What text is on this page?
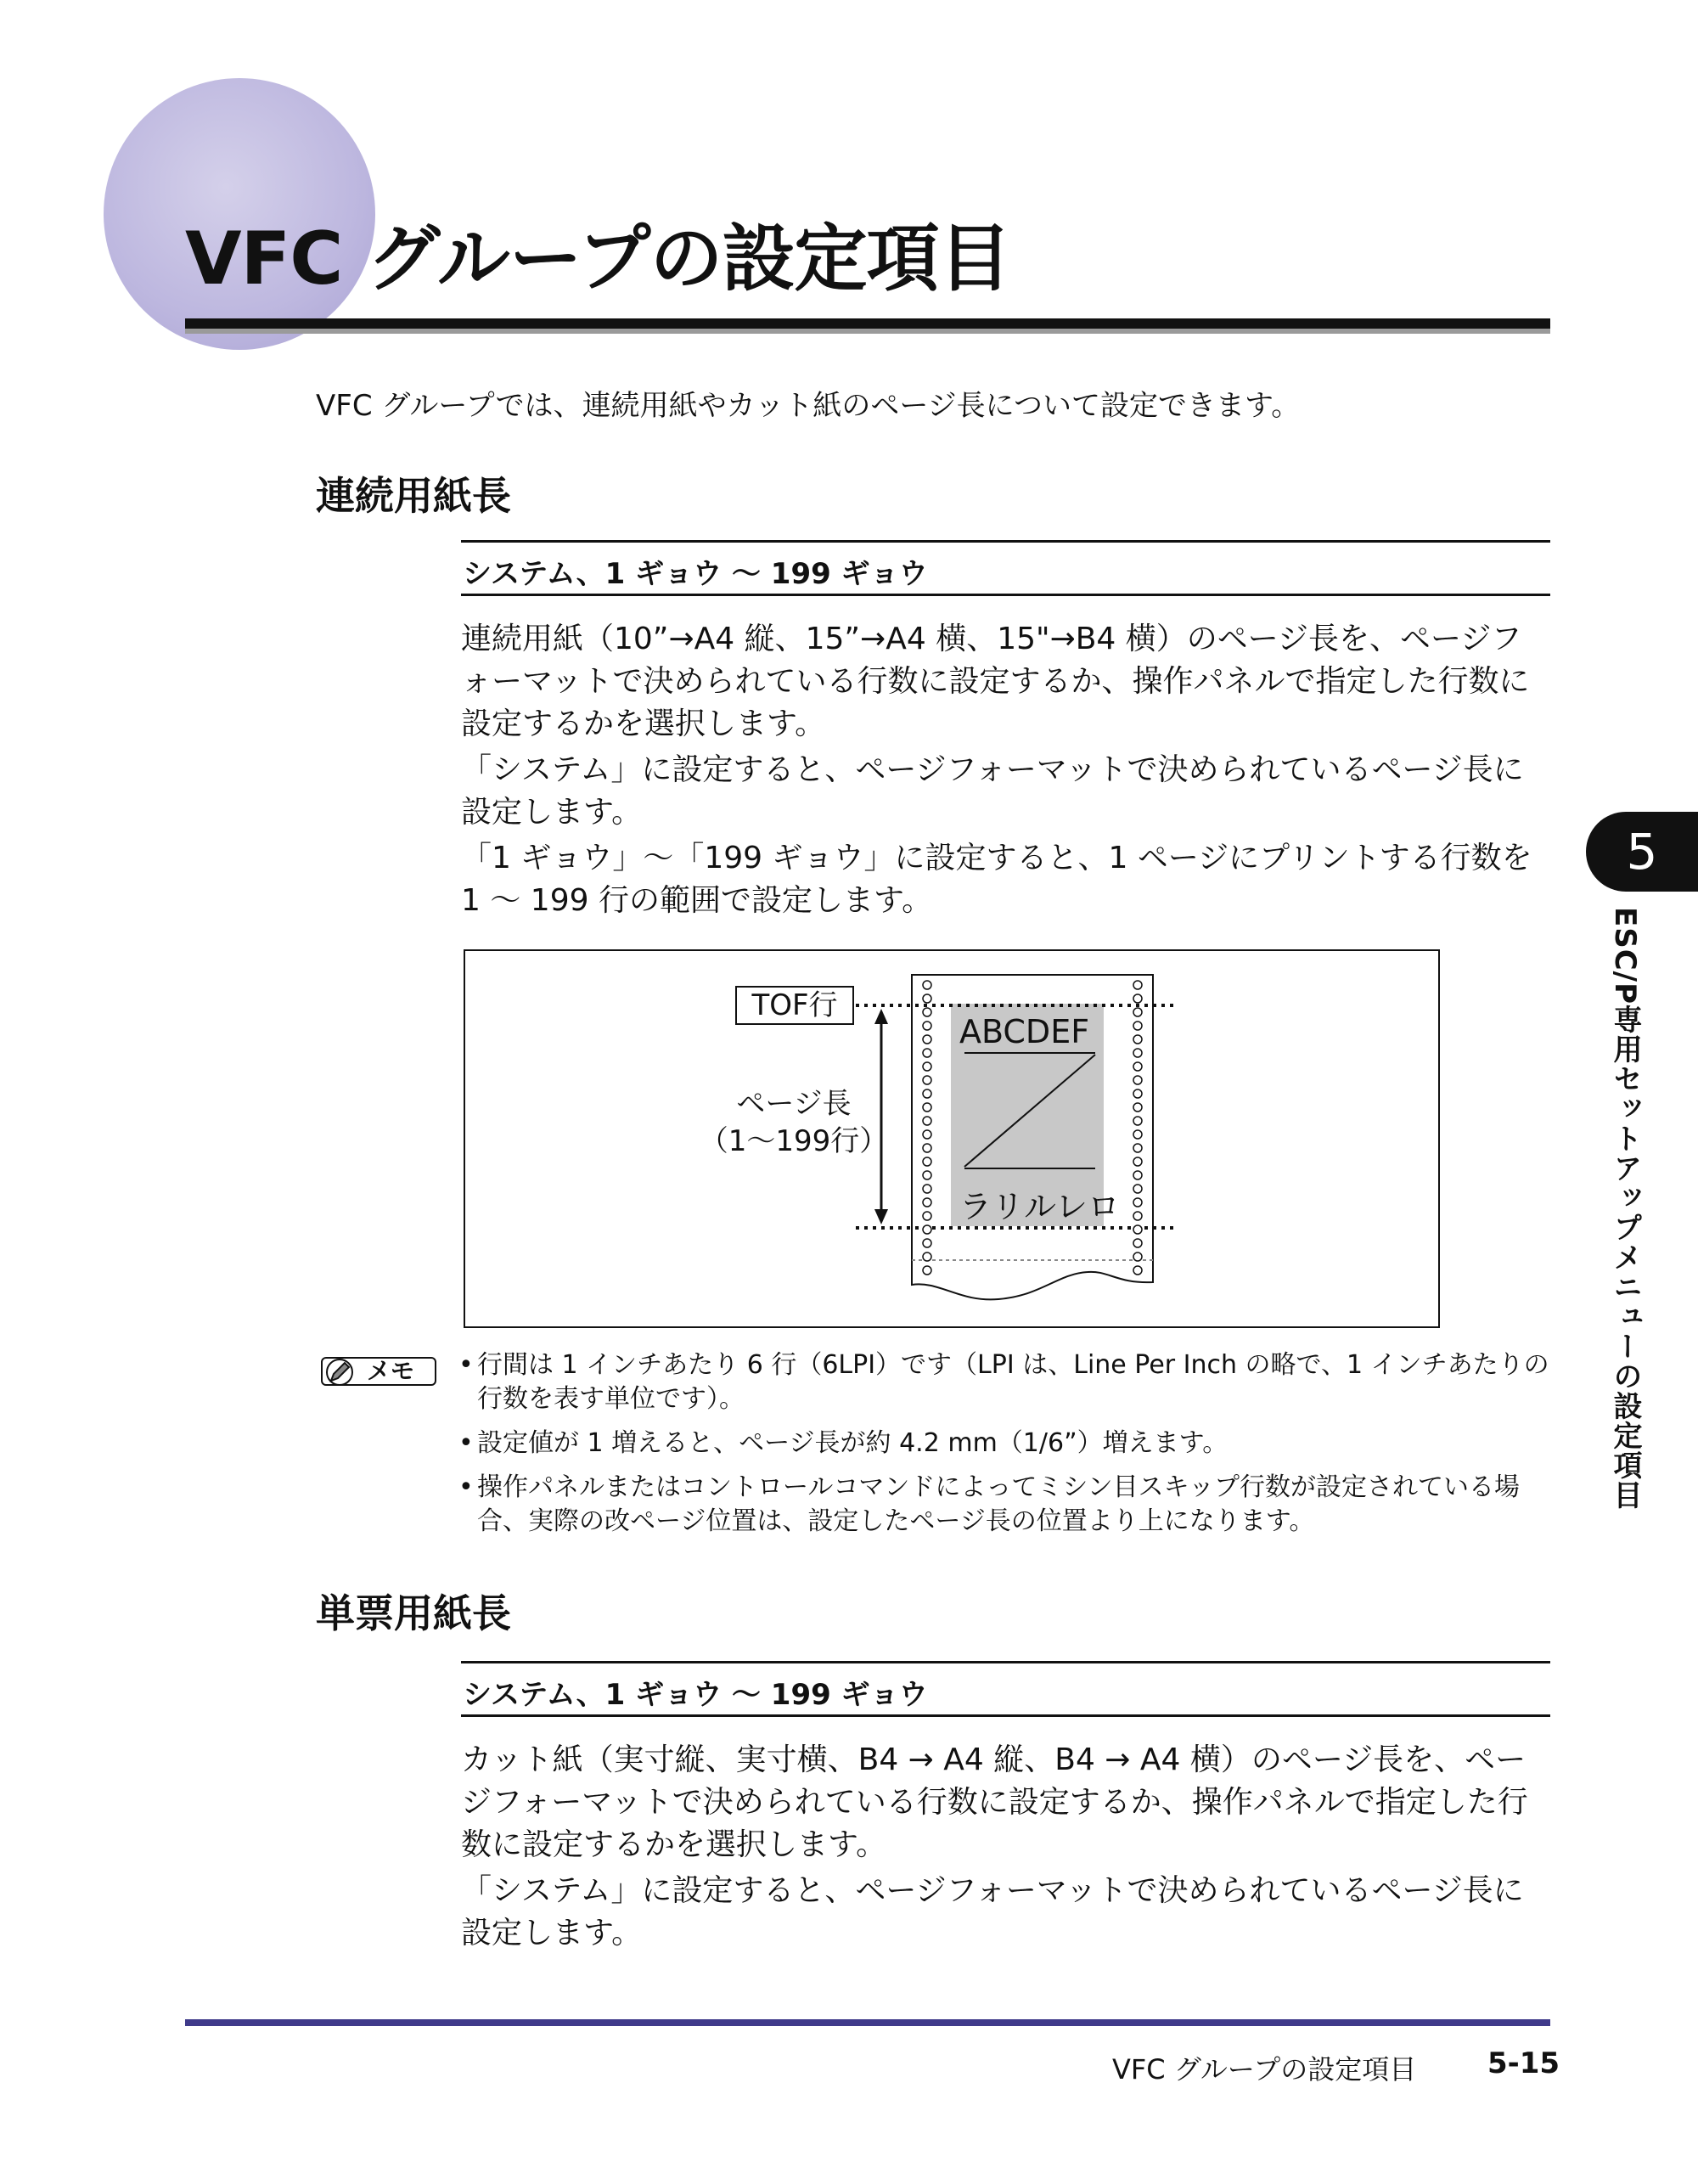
VFC グループの設定項目
VFC グループでは、連続用紙やカット紙のページ長について設定できます。
連続用紙長
システム、1 ギョウ 〜 199 ギョウ

連続用紙（10”→A4 縦、15”→A4 横、15"→B4 横）のページ長を、ページフォーマットで決められている行数に設定するか、操作パネルで指定した行数に設定するかを選択します。

「システム」に設定すると、ページフォーマットで決められているページ長に設定します。

「1 ギョウ」〜「199 ギョウ」に設定すると、1 ページにプリントする行数を 1 〜 199 行の範囲で設定します。

TOF行
ページ長
（1〜199行）
ABCDEF
ラリルレロ
メモ
•	行間は 1 インチあたり 6 行（6LPI）です（LPI は、Line Per Inch の略で、1 インチあたりの行数を表す単位です）。
• 設定値が 1 増えると、ページ長が約 4.2 mm（1/6”）増えます。
• 操作パネルまたはコントロールコマンドによってミシン目スキップ行数が設定されている場合、実際の改ページ位置は、設定したページ長の位置より上になります。
単票用紙長
システム、1 ギョウ 〜 199 ギョウ

カット紙（実寸縦、実寸横、B4 → A4 縦、B4 → A4 横）のページ長を、ページフォーマットで決められている行数に設定するか、操作パネルで指定した行数に設定するかを選択します。

「システム」に設定すると、ページフォーマットで決められているページ長に設定します。

5
ESC/P専用セットアップメニューの設定項目
VFC グループの設定項目 5-15
